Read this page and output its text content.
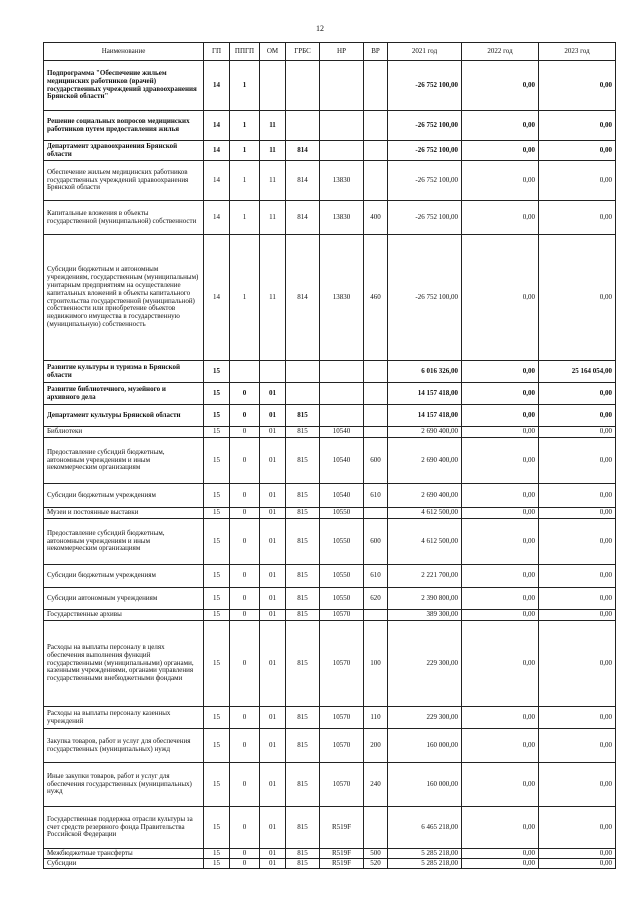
12
Наименование	ГП	ППГП	ОМ	ГРБС	НР	ВР	2021 год	2022 год	2023 год
Подпрограмма "Обеспечение жильем медицинских работников (врачей) государственных учреждений здравоохранения Брянской области"	14	1					-26 752 100,00	0,00	0,00
Решение социальных вопросов медицинских работников путем предоставления жилья	14	1	11				-26 752 100,00	0,00	0,00
Департамент здравоохранения Брянской области	14	1	11	814			-26 752 100,00	0,00	0,00
Обеспечение жильем медицинских работников государственных учреждений здравоохранения Брянской области	14	1	11	814	13830		-26 752 100,00	0,00	0,00
Капитальные вложения в объекты государственной (муниципальной) собственности	14	1	11	814	13830	400	-26 752 100,00	0,00	0,00
Субсидии бюджетным и автономным учреждениям, государственным (муниципальным) унитарным предприятиям на осуществление капитальных вложений в объекты капитального строительства государственной (муниципальной) собственности или приобретение объектов недвижимого имущества в государственную (муниципальную) собственность	14	1	11	814	13830	460	-26 752 100,00	0,00	0,00
Развитие культуры и туризма в Брянской области	15						6 016 326,00	0,00	25 164 054,00
Развитие библиотечного, музейного и архивного дела	15	0	01				14 157 418,00	0,00	0,00
Департамент культуры Брянской области	15	0	01	815			14 157 418,00	0,00	0,00
Библиотеки	15	0	01	815	10540		2 690 400,00	0,00	0,00
Предоставление субсидий бюджетным, автономным учреждениям и иным некоммерческим организациям	15	0	01	815	10540	600	2 690 400,00	0,00	0,00
Субсидии бюджетным учреждениям	15	0	01	815	10540	610	2 690 400,00	0,00	0,00
Музеи и постоянные выставки	15	0	01	815	10550		4 612 500,00	0,00	0,00
Предоставление субсидий бюджетным, автономным учреждениям и иным некоммерческим организациям	15	0	01	815	10550	600	4 612 500,00	0,00	0,00
Субсидии бюджетным учреждениям	15	0	01	815	10550	610	2 221 700,00	0,00	0,00
Субсидии автономным учреждениям	15	0	01	815	10550	620	2 390 800,00	0,00	0,00
Государственные архивы	15	0	01	815	10570		389 300,00	0,00	0,00
Расходы на выплаты персоналу в целях обеспечения выполнения функций государственными (муниципальными) органами, казенными учреждениями, органами управления государственными внебюджетными фондами	15	0	01	815	10570	100	229 300,00	0,00	0,00
Расходы на выплаты персоналу казенных учреждений	15	0	01	815	10570	110	229 300,00	0,00	0,00
Закупка товаров, работ и услуг для обеспечения государственных (муниципальных) нужд	15	0	01	815	10570	200	160 000,00	0,00	0,00
Иные закупки товаров, работ и услуг для обеспечения государственных (муниципальных) нужд	15	0	01	815	10570	240	160 000,00	0,00	0,00
Государственная поддержка отрасли культуры за счет средств резервного фонда Правительства Российской Федерации	15	0	01	815	R519F		6 465 218,00	0,00	0,00
Межбюджетные трансферты	15	0	01	815	R519F	500	5 285 218,00	0,00	0,00
Субсидии	15	0	01	815	R519F	520	5 285 218,00	0,00	0,00
